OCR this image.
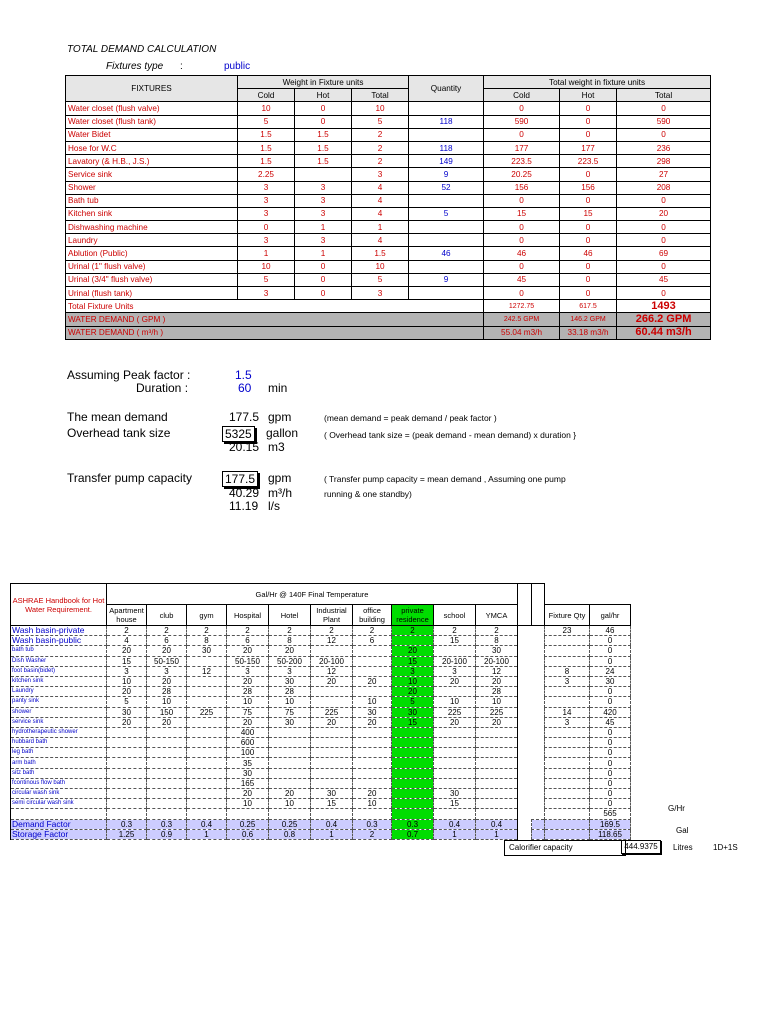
TOTAL DEMAND CALCULATION
Fixtures type :	public
FIXTURES	Weight in Fixture units			Quantity	Total weight in fixture units		
	Cold	Hot	Total		Cold	Hot	Total
Water closet (flush valve)	10	0	10		0	0	0
Water closet (flush tank)	5	0	5	118	590	0	590
Water Bidet	1.5	1.5	2		0	0	0
Hose for W.C	1.5	1.5	2	118	177	177	236
Lavatory (& H.B., J.S.)	1.5	1.5	2	149	223.5	223.5	298
Service sink	2.25		3	9	20.25	0	27
Shower	3	3	4	52	156	156	208
Bath tub	3	3	4		0	0	0
Kitchen sink	3	3	4	5	15	15	20
Dishwashing machine	0	1	1		0	0	0
Laundry	3	3	4		0	0	0
Ablution (Public)	1	1	1.5	46	46	46	69
Urinal (1" flush valve)	10	0	10		0	0	0
Urinal (3/4" flush valve)	5	0	5	9	45	0	45
Urinal (flush tank)	3	0	3		0	0	0
Total Fixture Units					1272.75	617.5	1493
WATER DEMAND ( GPM )					242.5 GPM	146.2 GPM	266.2 GPM
WATER DEMAND ( m³/h )					55.04 m3/h	33.18 m3/h	60.44 m3/h
Assuming Peak factor :	1.5
Duration :	60 min
The mean demand	177.5 gpm	(mean demand = peak demand / peak factor )
Overhead tank size	5325 gallon	( Overhead tank size = (peak demand - mean demand) x duration }
20.15 m3
Transfer pump capacity	177.5 gpm	( Transfer pump capacity = mean demand , Assuming one pump
running & one standby)
40.29 m³/h
11.19 l/s
ASHRAE Handbook for Hot Water Requirement.	Gal/Hr @ 140F Final Temperature													
	Apartment house	club	gym	Hospital	Hotel	Industrial Plant	office building	private residence	school	YMCA			Fixture Qty	gal/hr
Wash basin-private	2	2	2	2	2	2	2	2	2	2			23	46
Wash basin-public	4	6	8	6	8	12	6		15	8				0
bath tub	20	20	30	20	20			20		30				0
Dish Washer	15	50-150		50-150	50-200	20-100		15	20-100	20-100				0
foot basin(bidet)	3	3	12	3	3	12		3	3	12			8	24
kitchen sink	10	20		20	30	20	20	10	20	20			3	30
Laundry	20	28		28	28			20		28				0
panty sink	5	10		10	10		10	5	10	10				0
shower	30	150	225	75	75	225	30	30	225	225			14	420
service sink	20	20		20	30	20	20	15	20	20			3	45
hydrotherapeutic shower				400										0
hubbard bath				600										0
leg bath				100										0
arm bath				35										0
sitz bath				30										0
fcontinous flow bath				165										0
circular wash sink				20	20	30	20		30					0
semi circular wash sink				10	10	15	10		15					0
														565
Demand Factor	0.3	0.3	0.4	0.25	0.25	0.4	0.3	0.3	0.4	0.4				169.5
Storage Factor	1.25	0.9	1	0.6	0.8	1	2	0.7	1	1				118.65
G/Hr
Gal
Calorifier capacity	444.9375	Litres	1D+1S
